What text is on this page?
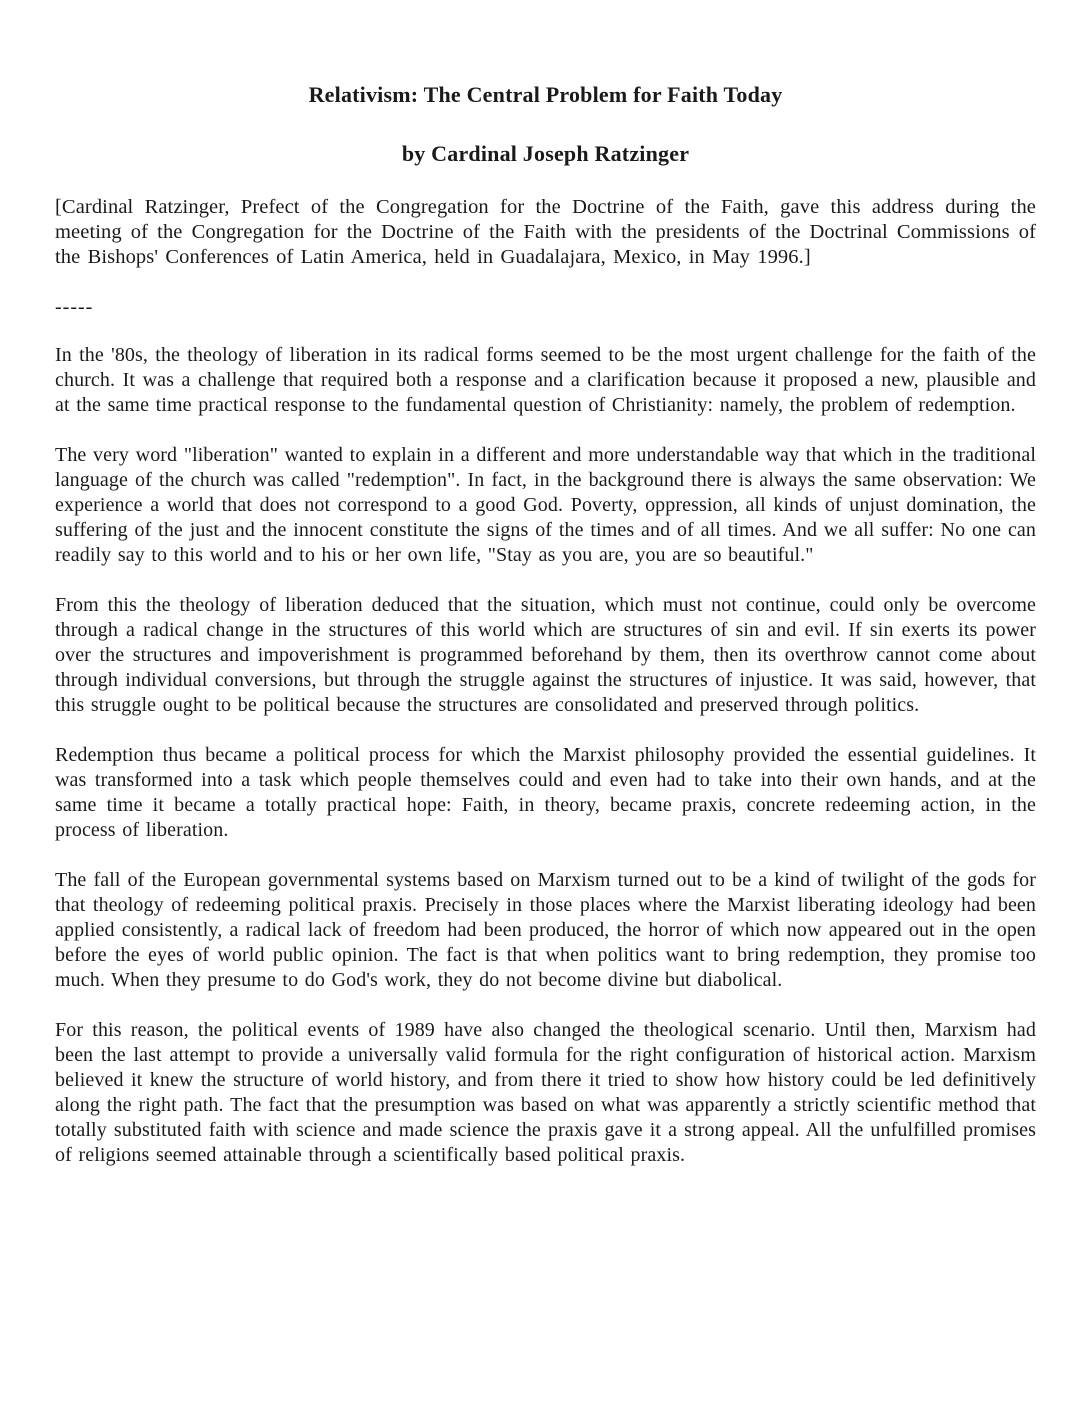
Relativism: The Central Problem for Faith Today
by Cardinal Joseph Ratzinger

[Cardinal Ratzinger, Prefect of the Congregation for the Doctrine of the Faith, gave this address during the meeting of the Congregation for the Doctrine of the Faith with the presidents of the Doctrinal Commissions of the Bishops' Conferences of Latin America, held in Guadalajara, Mexico, in May 1996.]

-----

In the '80s, the theology of liberation in its radical forms seemed to be the most urgent challenge for the faith of the church. It was a challenge that required both a response and a clarification because it proposed a new, plausible and at the same time practical response to the fundamental question of Christianity: namely, the problem of redemption.

The very word "liberation" wanted to explain in a different and more understandable way that which in the traditional language of the church was called "redemption". In fact, in the background there is always the same observation: We experience a world that does not correspond to a good God. Poverty, oppression, all kinds of unjust domination, the suffering of the just and the innocent constitute the signs of the times and of all times. And we all suffer: No one can readily say to this world and to his or her own life, "Stay as you are, you are so beautiful."

From this the theology of liberation deduced that the situation, which must not continue, could only be overcome through a radical change in the structures of this world which are structures of sin and evil. If sin exerts its power over the structures and impoverishment is programmed beforehand by them, then its overthrow cannot come about through individual conversions, but through the struggle against the structures of injustice. It was said, however, that this struggle ought to be political because the structures are consolidated and preserved through politics.

Redemption thus became a political process for which the Marxist philosophy provided the essential guidelines. It was transformed into a task which people themselves could and even had to take into their own hands, and at the same time it became a totally practical hope: Faith, in theory, became praxis, concrete redeeming action, in the process of liberation.

The fall of the European governmental systems based on Marxism turned out to be a kind of twilight of the gods for that theology of redeeming political praxis. Precisely in those places where the Marxist liberating ideology had been applied consistently, a radical lack of freedom had been produced, the horror of which now appeared out in the open before the eyes of world public opinion. The fact is that when politics want to bring redemption, they promise too much. When they presume to do God's work, they do not become divine but diabolical.

For this reason, the political events of 1989 have also changed the theological scenario. Until then, Marxism had been the last attempt to provide a universally valid formula for the right configuration of historical action. Marxism believed it knew the structure of world history, and from there it tried to show how history could be led definitively along the right path. The fact that the presumption was based on what was apparently a strictly scientific method that totally substituted faith with science and made science the praxis gave it a strong appeal. All the unfulfilled promises of religions seemed attainable through a scientifically based political praxis.
